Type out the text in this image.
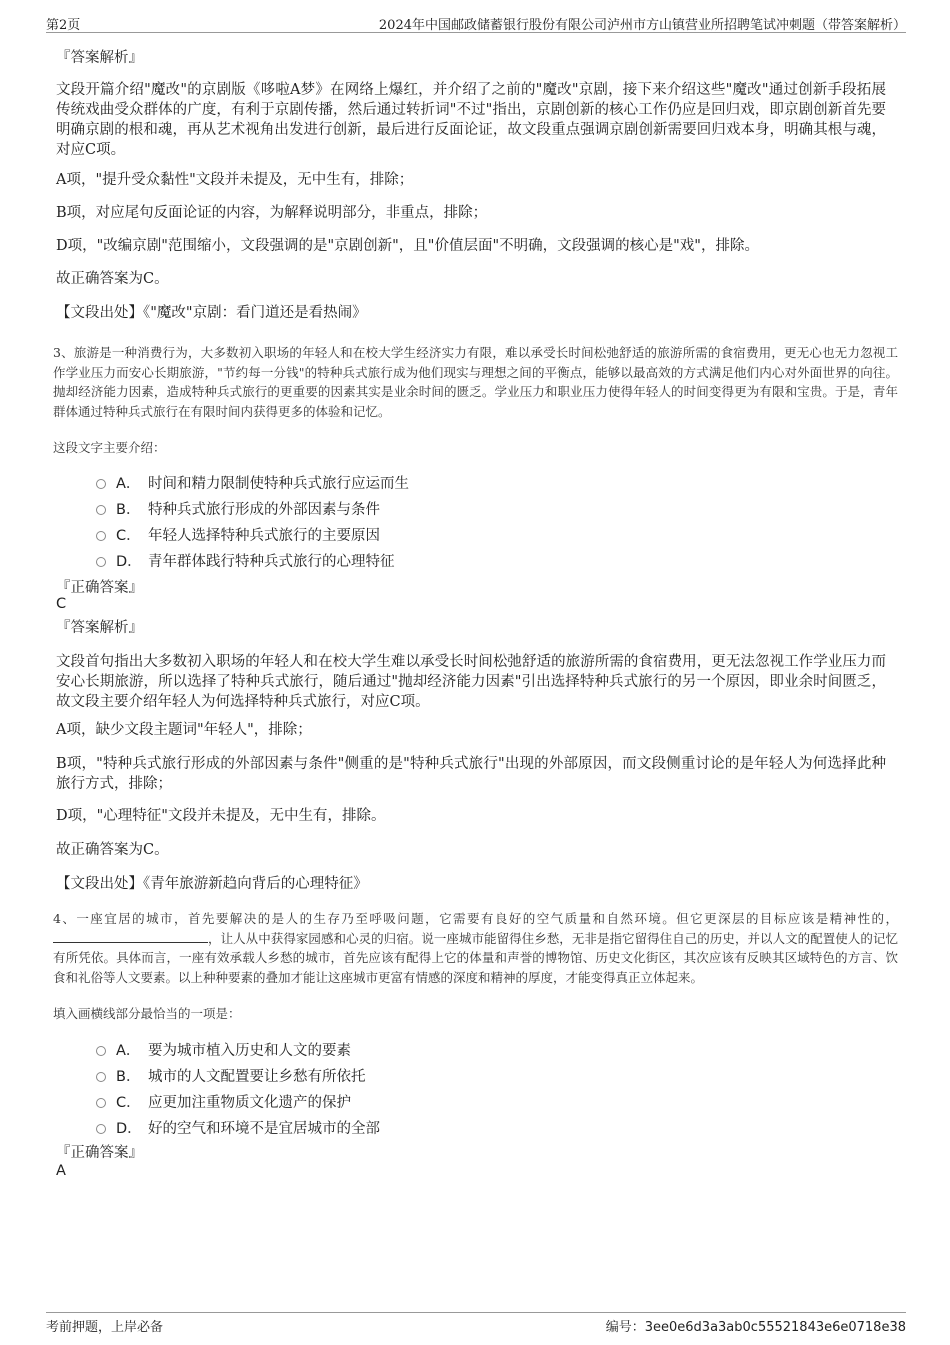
第2页	2024年中国邮政储蓄银行股份有限公司泸州市方山镇营业所招聘笔试冲刺题（带答案解析）
『答案解析』
文段开篇介绍"魔改"的京剧版《哆啦A梦》在网络上爆红，并介绍了之前的"魔改"京剧，接下来介绍这些"魔改"通过创新手段拓展传统戏曲受众群体的广度，有利于京剧传播，然后通过转折词"不过"指出，京剧创新的核心工作仍应是回归戏，即京剧创新首先要明确京剧的根和魂，再从艺术视角出发进行创新，最后进行反面论证，故文段重点强调京剧创新需要回归戏本身，明确其根与魂，对应C项。
A项，"提升受众黏性"文段并未提及，无中生有，排除；
B项，对应尾句反面论证的内容，为解释说明部分，非重点，排除；
D项，"改编京剧"范围缩小，文段强调的是"京剧创新"，且"价值层面"不明确，文段强调的核心是"戏"，排除。
故正确答案为C。
【文段出处】《"魔改"京剧：看门道还是看热闹》
3、旅游是一种消费行为，大多数初入职场的年轻人和在校大学生经济实力有限，难以承受长时间松弛舒适的旅游所需的食宿费用，更无心也无力忽视工作学业压力而安心长期旅游，"节约每一分钱"的特种兵式旅行成为他们现实与理想之间的平衡点，能够以最高效的方式满足他们内心对外面世界的向往。抛却经济能力因素，造成特种兵式旅行的更重要的因素其实是业余时间的匮乏。学业压力和职业压力使得年轻人的时间变得更为有限和宝贵。于是，青年群体通过特种兵式旅行在有限时间内获得更多的体验和记忆。
这段文字主要介绍：
A． 时间和精力限制使特种兵式旅行应运而生
B． 特种兵式旅行形成的外部因素与条件
C． 年轻人选择特种兵式旅行的主要原因
D． 青年群体践行特种兵式旅行的心理特征
『正确答案』
C
『答案解析』
文段首句指出大多数初入职场的年轻人和在校大学生难以承受长时间松弛舒适的旅游所需的食宿费用，更无法忽视工作学业压力而安心长期旅游，所以选择了特种兵式旅行，随后通过"抛却经济能力因素"引出选择特种兵式旅行的另一个原因，即业余时间匮乏，故文段主要介绍年轻人为何选择特种兵式旅行，对应C项。
A项，缺少文段主题词"年轻人"，排除；
B项，"特种兵式旅行形成的外部因素与条件"侧重的是"特种兵式旅行"出现的外部原因，而文段侧重讨论的是年轻人为何选择此种旅行方式，排除；
D项，"心理特征"文段并未提及，无中生有，排除。
故正确答案为C。
【文段出处】《青年旅游新趋向背后的心理特征》
4、一座宜居的城市，首先要解决的是人的生存乃至呼吸问题，它需要有良好的空气质量和自然环境。但它更深层的目标应该是精神性的，，让人从中获得家园感和心灵的归宿。说一座城市能留得住乡愁，无非是指它留得住自己的历史，并以人文的配置使人的记忆有所凭依。具体而言，一座有效承载人乡愁的城市，首先应该有配得上它的体量和声誉的博物馆、历史文化街区，其次应该有反映其区域特色的方言、饮食和礼俗等人文要素。以上种种要素的叠加才能让这座城市更富有情感的深度和精神的厚度，才能变得真正立体起来。
填入画横线部分最恰当的一项是：
A． 要为城市植入历史和人文的要素
B． 城市的人文配置要让乡愁有所依托
C． 应更加注重物质文化遗产的保护
D． 好的空气和环境不是宜居城市的全部
『正确答案』
A
考前押题，上岸必备	编号：3ee0e6d3a3ab0c55521843e6e0718e38
